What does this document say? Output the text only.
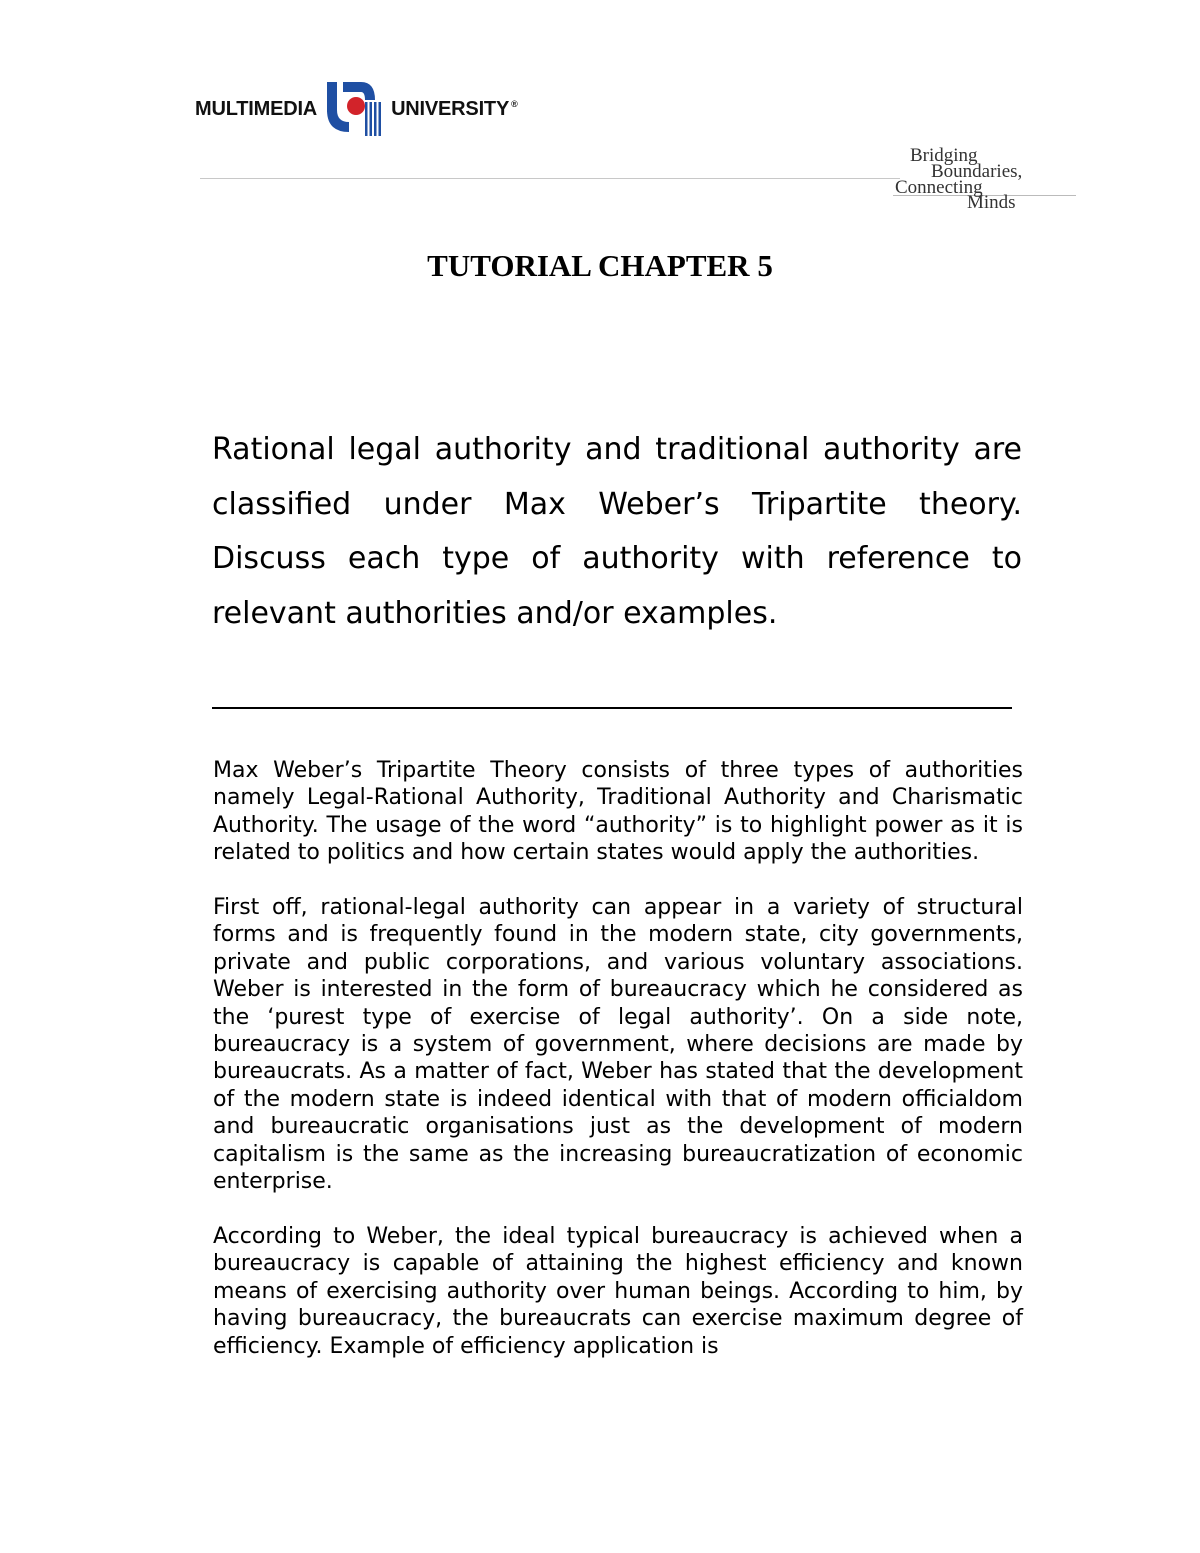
MULTIMEDIA	UNIVERSITY ®
Bridging
Boundaries,
Connecting
Minds
TUTORIAL CHAPTER 5
Rational legal authority and traditional authority are classified under Max Weber’s Tripartite theory. Discuss each type of authority with reference to relevant authorities and/or examples.

Max Weber’s Tripartite Theory consists of three types of authorities namely Legal-Rational Authority, Traditional Authority and Charismatic Authority. The usage of the word “authority” is to highlight power as it is related to politics and how certain states would apply the authorities.

First off, rational-legal authority can appear in a variety of structural forms and is frequently found in the modern state, city governments, private and public corporations, and various voluntary associations. Weber is interested in the form of bureaucracy which he considered as the ‘purest type of exercise of legal authority’. On a side note, bureaucracy is a system of government, where decisions are made by bureaucrats. As a matter of fact, Weber has stated that the development of the modern state is indeed identical with that of modern officialdom and bureaucratic organisations just as the development of modern capitalism is the same as the increasing bureaucratization of economic enterprise.

According to Weber, the ideal typical bureaucracy is achieved when a bureaucracy is capable of attaining the highest efficiency and known means of exercising authority over human beings. According to him, by having bureaucracy, the bureaucrats can exercise maximum degree of efficiency. Example of efficiency application is
